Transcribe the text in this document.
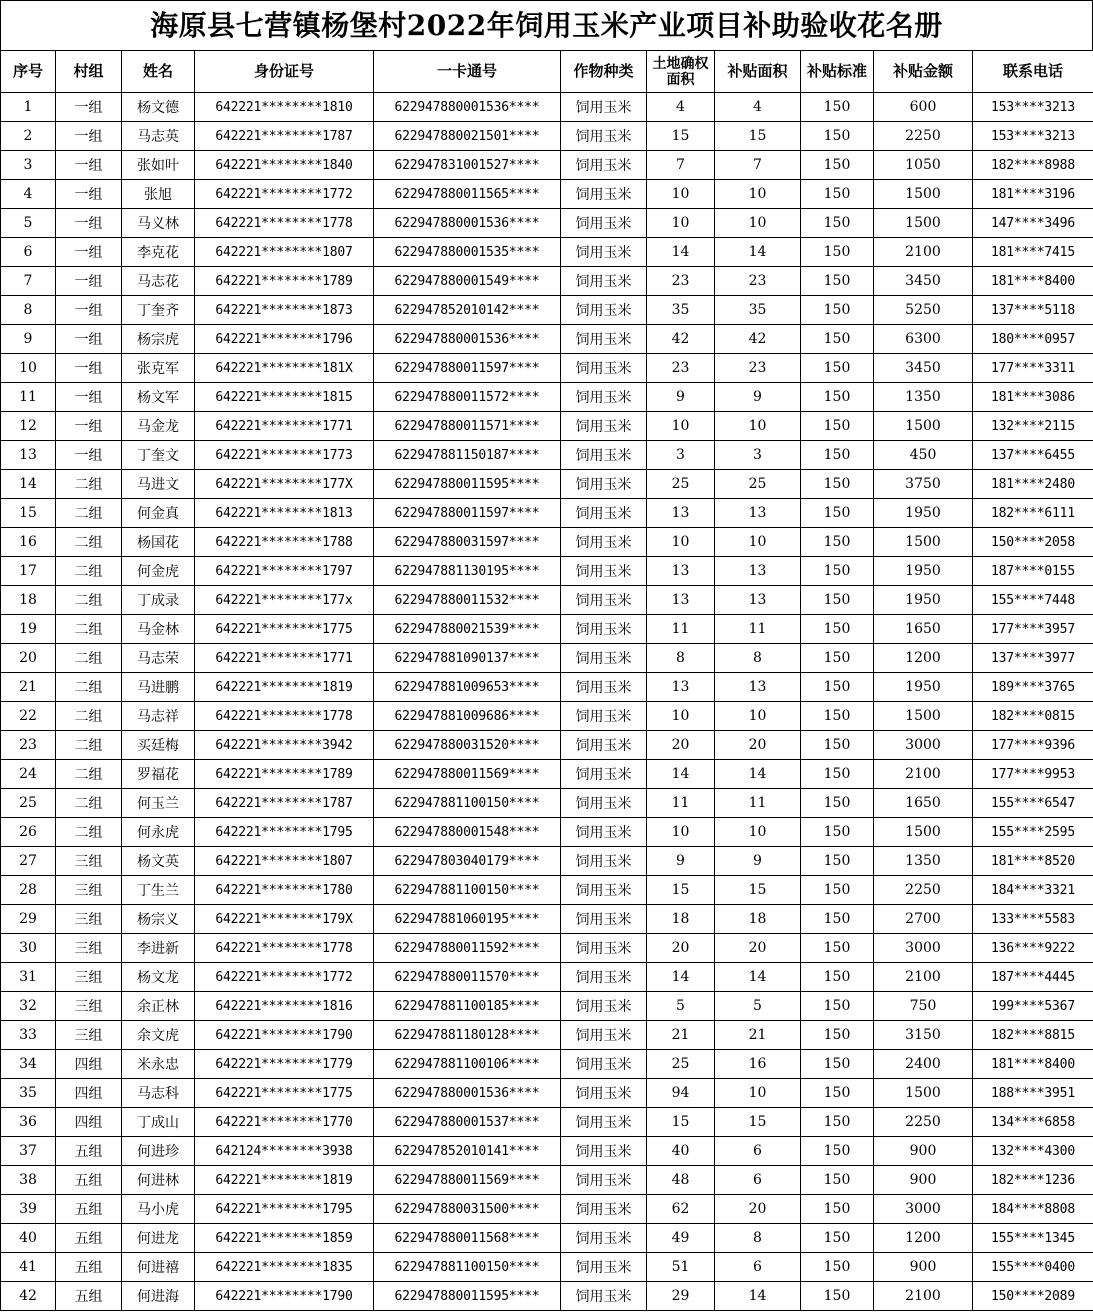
海原县七营镇杨堡村2022年饲用玉米产业项目补助验收花名册
序号	村组	姓名	身份证号	一卡通号	作物种类	土地确权面积	补贴面积	补贴标准	补贴金额	联系电话
1	一组	杨文德	642221********1810	622947880001536****	饲用玉米	4	4	150	600	153****3213
2	一组	马志英	642221********1787	622947880021501****	饲用玉米	15	15	150	2250	153****3213
3	一组	张如叶	642221********1840	622947831001527****	饲用玉米	7	7	150	1050	182****8988
4	一组	张旭	642221********1772	622947880011565****	饲用玉米	10	10	150	1500	181****3196
5	一组	马义林	642221********1778	622947880001536****	饲用玉米	10	10	150	1500	147****3496
6	一组	李克花	642221********1807	622947880001535****	饲用玉米	14	14	150	2100	181****7415
7	一组	马志花	642221********1789	622947880001549****	饲用玉米	23	23	150	3450	181****8400
8	一组	丁奎齐	642221********1873	622947852010142****	饲用玉米	35	35	150	5250	137****5118
9	一组	杨宗虎	642221********1796	622947880001536****	饲用玉米	42	42	150	6300	180****0957
10	一组	张克军	642221********181X	622947880011597****	饲用玉米	23	23	150	3450	177****3311
11	一组	杨文军	642221********1815	622947880011572****	饲用玉米	9	9	150	1350	181****3086
12	一组	马金龙	642221********1771	622947880011571****	饲用玉米	10	10	150	1500	132****2115
13	一组	丁奎文	642221********1773	622947881150187****	饲用玉米	3	3	150	450	137****6455
14	二组	马进文	642221********177X	622947880011595****	饲用玉米	25	25	150	3750	181****2480
15	二组	何金真	642221********1813	622947880011597****	饲用玉米	13	13	150	1950	182****6111
16	二组	杨国花	642221********1788	622947880031597****	饲用玉米	10	10	150	1500	150****2058
17	二组	何金虎	642221********1797	622947881130195****	饲用玉米	13	13	150	1950	187****0155
18	二组	丁成录	642221********177x	622947880011532****	饲用玉米	13	13	150	1950	155****7448
19	二组	马金林	642221********1775	622947880021539****	饲用玉米	11	11	150	1650	177****3957
20	二组	马志荣	642221********1771	622947881090137****	饲用玉米	8	8	150	1200	137****3977
21	二组	马进鹏	642221********1819	622947881009653****	饲用玉米	13	13	150	1950	189****3765
22	二组	马志祥	642221********1778	622947881009686****	饲用玉米	10	10	150	1500	182****0815
23	二组	买廷梅	642221********3942	622947880031520****	饲用玉米	20	20	150	3000	177****9396
24	二组	罗福花	642221********1789	622947880011569****	饲用玉米	14	14	150	2100	177****9953
25	二组	何玉兰	642221********1787	622947881100150****	饲用玉米	11	11	150	1650	155****6547
26	二组	何永虎	642221********1795	622947880001548****	饲用玉米	10	10	150	1500	155****2595
27	三组	杨文英	642221********1807	622947803040179****	饲用玉米	9	9	150	1350	181****8520
28	三组	丁生兰	642221********1780	622947881100150****	饲用玉米	15	15	150	2250	184****3321
29	三组	杨宗义	642221********179X	622947881060195****	饲用玉米	18	18	150	2700	133****5583
30	三组	李进新	642221********1778	622947880011592****	饲用玉米	20	20	150	3000	136****9222
31	三组	杨文龙	642221********1772	622947880011570****	饲用玉米	14	14	150	2100	187****4445
32	三组	余正林	642221********1816	622947881100185****	饲用玉米	5	5	150	750	199****5367
33	三组	余文虎	642221********1790	622947881180128****	饲用玉米	21	21	150	3150	182****8815
34	四组	米永忠	642221********1779	622947881100106****	饲用玉米	25	16	150	2400	181****8400
35	四组	马志科	642221********1775	622947880001536****	饲用玉米	94	10	150	1500	188****3951
36	四组	丁成山	642221********1770	622947880001537****	饲用玉米	15	15	150	2250	134****6858
37	五组	何进珍	642124********3938	622947852010141****	饲用玉米	40	6	150	900	132****4300
38	五组	何进林	642221********1819	622947880011569****	饲用玉米	48	6	150	900	182****1236
39	五组	马小虎	642221********1795	622947880031500****	饲用玉米	62	20	150	3000	184****8808
40	五组	何进龙	642221********1859	622947880011568****	饲用玉米	49	8	150	1200	155****1345
41	五组	何进禧	642221********1835	622947881100150****	饲用玉米	51	6	150	900	155****0400
42	五组	何进海	642221********1790	622947880011595****	饲用玉米	29	14	150	2100	150****2089
